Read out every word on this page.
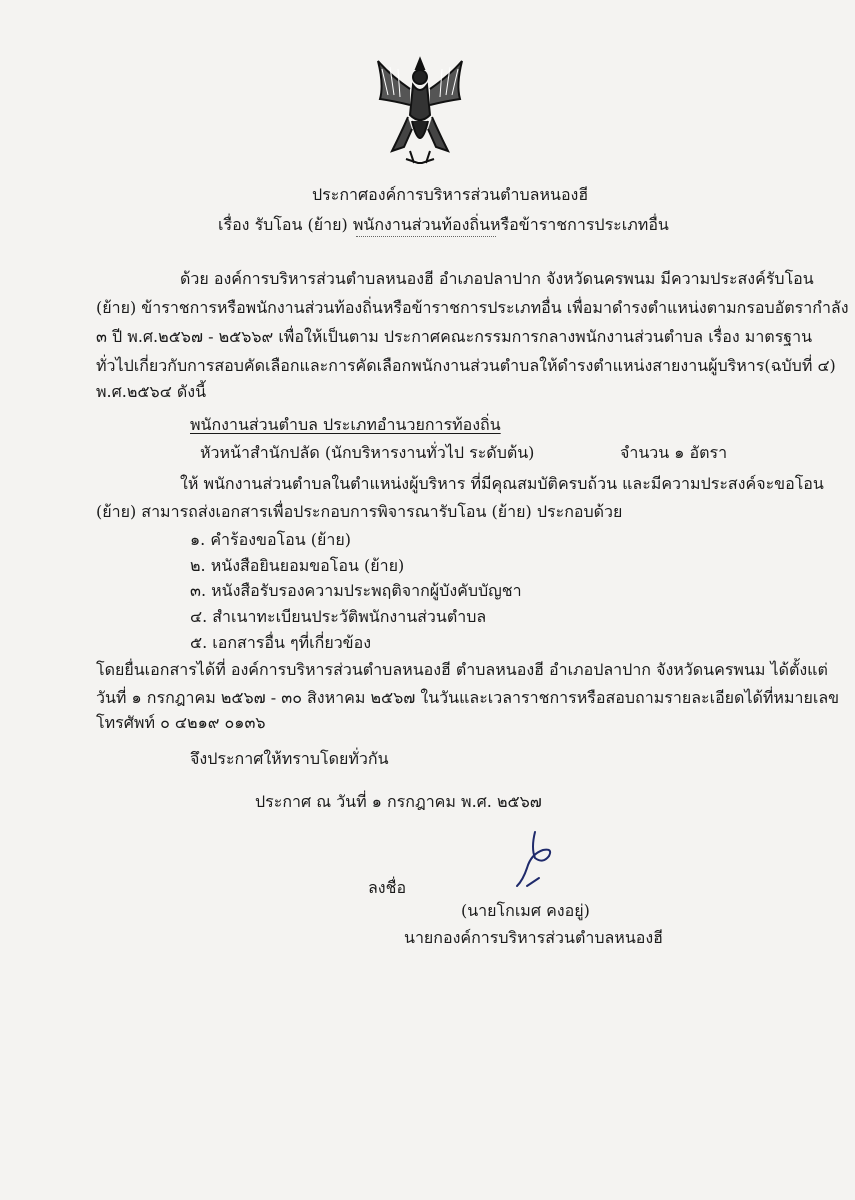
ประกาศองค์การบริหารส่วนตำบลหนองฮี
เรื่อง รับโอน (ย้าย) พนักงานส่วนท้องถิ่นหรือข้าราชการประเภทอื่น
ด้วย องค์การบริหารส่วนตำบลหนองฮี อำเภอปลาปาก จังหวัดนครพนม มีความประสงค์รับโอน
(ย้าย) ข้าราชการหรือพนักงานส่วนท้องถิ่นหรือข้าราชการประเภทอื่น เพื่อมาดำรงตำแหน่งตามกรอบอัตรากำลัง
๓ ปี พ.ศ.๒๕๖๗ - ๒๕๖๖๙ เพื่อให้เป็นตาม ประกาศคณะกรรมการกลางพนักงานส่วนตำบล เรื่อง มาตรฐาน
ทั่วไปเกี่ยวกับการสอบคัดเลือกและการคัดเลือกพนักงานส่วนตำบลให้ดำรงตำแหน่งสายงานผู้บริหาร(ฉบับที่ ๔)
พ.ศ.๒๕๖๔ ดังนี้
พนักงานส่วนตำบล ประเภทอำนวยการท้องถิ่น
หัวหน้าสำนักปลัด (นักบริหารงานทั่วไป ระดับต้น)	จำนวน ๑ อัตรา
ให้ พนักงานส่วนตำบลในตำแหน่งผู้บริหาร ที่มีคุณสมบัติครบถ้วน และมีความประสงค์จะขอโอน
(ย้าย) สามารถส่งเอกสารเพื่อประกอบการพิจารณารับโอน (ย้าย) ประกอบด้วย
๑. คำร้องขอโอน (ย้าย)
๒. หนังสือยินยอมขอโอน (ย้าย)
๓. หนังสือรับรองความประพฤติจากผู้บังคับบัญชา
๔. สำเนาทะเบียนประวัติพนักงานส่วนตำบล
๕. เอกสารอื่น ๆที่เกี่ยวข้อง
โดยยื่นเอกสารได้ที่ องค์การบริหารส่วนตำบลหนองฮี ตำบลหนองฮี อำเภอปลาปาก จังหวัดนครพนม ได้ตั้งแต่
วันที่ ๑ กรกฎาคม ๒๕๖๗ - ๓๐ สิงหาคม ๒๕๖๗ ในวันและเวลาราชการหรือสอบถามรายละเอียดได้ที่หมายเลข
โทรศัพท์ ๐ ๔๒๑๙ ๐๑๓๖
จึงประกาศให้ทราบโดยทั่วกัน
ประกาศ ณ วันที่ ๑ กรกฎาคม พ.ศ. ๒๕๖๗
ลงชื่อ
(นายโกเมศ คงอยู่)
นายกองค์การบริหารส่วนตำบลหนองฮี
